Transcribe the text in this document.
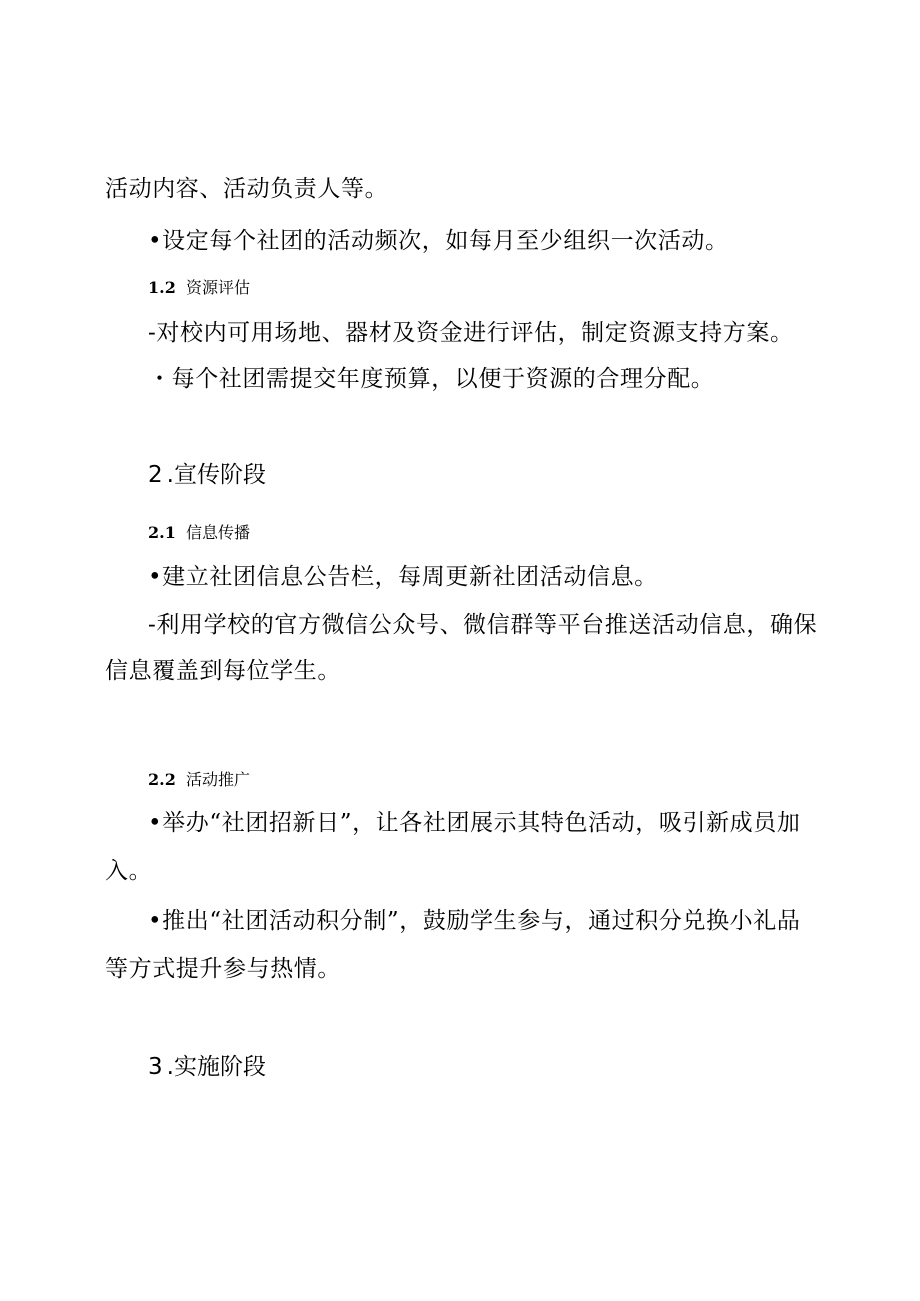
活动内容、活动负责人等。
•设定每个社团的活动频次，如每月至少组织一次活动。
1.2 资源评估
-对校内可用场地、器材及资金进行评估，制定资源支持方案。
・每个社团需提交年度预算，以便于资源的合理分配。
2 .宣传阶段
2.1 信息传播
•建立社团信息公告栏，每周更新社团活动信息。
-利用学校的官方微信公众号、微信群等平台推送活动信息，确保
信息覆盖到每位学生。
2.2 活动推广
•举办“社团招新日”，让各社团展示其特色活动，吸引新成员加
入。
•推出“社团活动积分制”，鼓励学生参与，通过积分兑换小礼品
等方式提升参与热情。
3 .实施阶段
